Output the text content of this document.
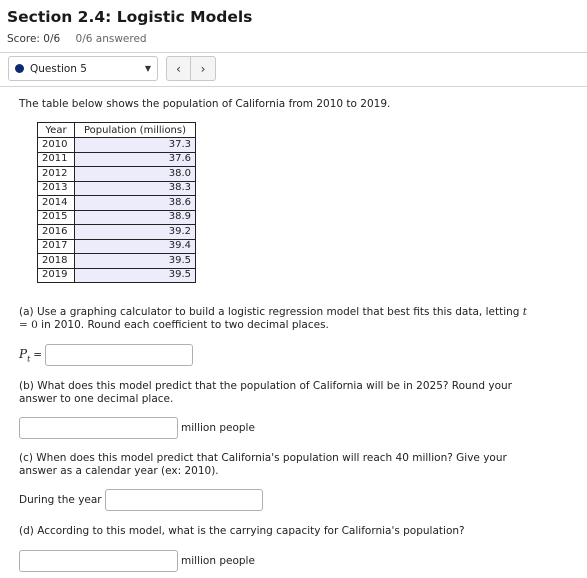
Section 2.4: Logistic Models
Score: 0/6 0/6 answered
Question 5	▼ ‹ ›
The table below shows the population of California from 2010 to 2019.
Year	Population (millions)
2010	37.3
2011	37.6
2012	38.0
2013	38.3
2014	38.6
2015	38.9
2016	39.2
2017	39.4
2018	39.5
2019	39.5
(a) Use a graphing calculator to build a logistic regression model that best fits this data, letting t = 0 in 2010. Round each coefficient to two decimal places.
$P_t$ =
(b) What does this model predict that the population of California will be in 2025? Round your answer to one decimal place.
million people
(c) When does this model predict that California's population will reach 40 million? Give your answer as a calendar year (ex: 2010).
During the year
(d) According to this model, what is the carrying capacity for California's population?
million people
